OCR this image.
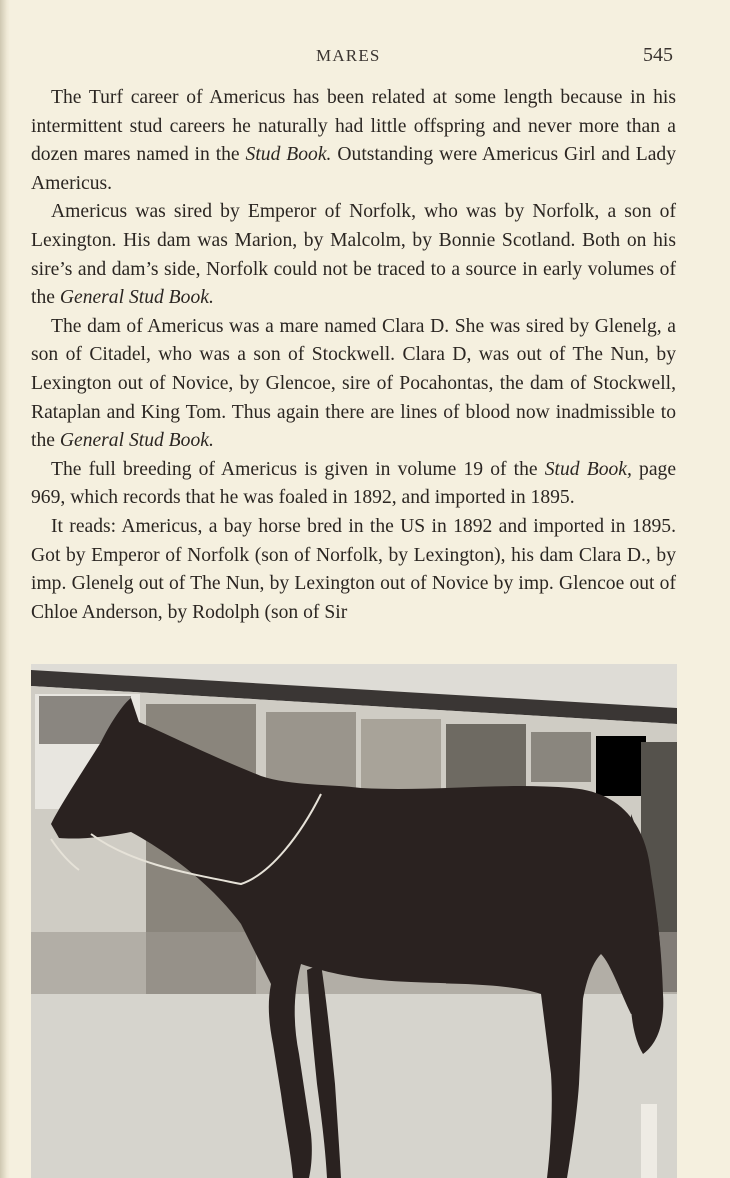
MARES	545

The Turf career of Americus has been related at some length because in his intermittent stud careers he naturally had little offspring and never more than a dozen mares named in the Stud Book. Outstanding were Americus Girl and Lady Americus.

Americus was sired by Emperor of Norfolk, who was by Norfolk, a son of Lexington. His dam was Marion, by Malcolm, by Bonnie Scotland. Both on his sire’s and dam’s side, Norfolk could not be traced to a source in early volumes of the General Stud Book.

The dam of Americus was a mare named Clara D. She was sired by Glenelg, a son of Citadel, who was a son of Stockwell. Clara D, was out of The Nun, by Lexington out of Novice, by Glencoe, sire of Pocahontas, the dam of Stockwell, Rataplan and King Tom. Thus again there are lines of blood now inadmissible to the General Stud Book.

The full breeding of Americus is given in volume 19 of the Stud Book, page 969, which records that he was foaled in 1892, and imported in 1895.

It reads: Americus, a bay horse bred in the US in 1892 and imported in 1895. Got by Emperor of Norfolk (son of Norfolk, by Lexington), his dam Clara D., by imp. Glenelg out of The Nun, by Lexington out of Novice by imp. Glencoe out of Chloe Anderson, by Rodolph (son of Sir
